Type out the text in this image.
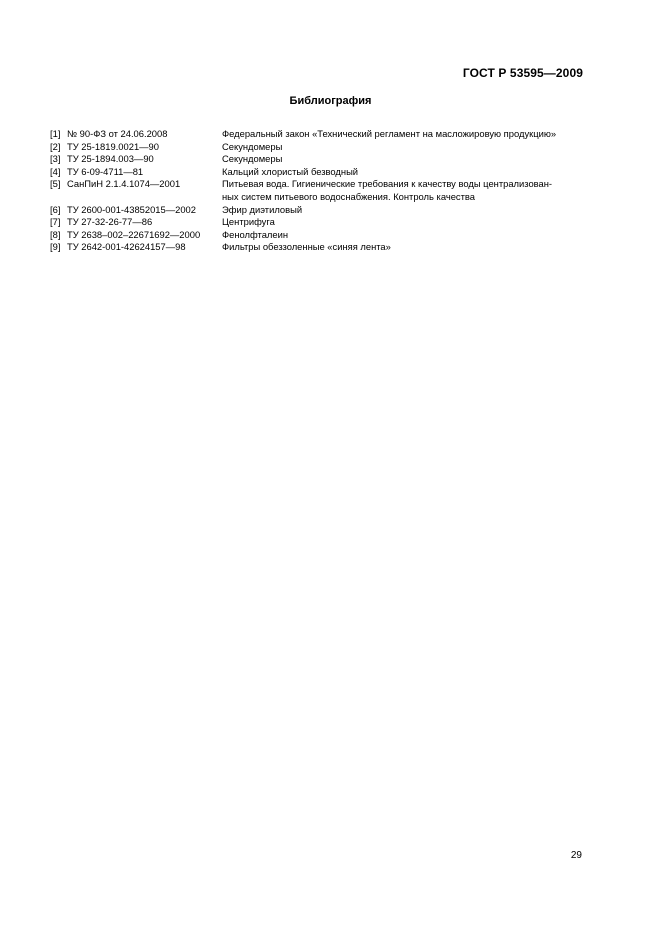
ГОСТ Р 53595—2009
Библиография
[1] № 90-ФЗ от 24.06.2008	Федеральный закон «Технический регламент на масложировую продукцию»
[2] ТУ 25-1819.0021—90	Секундомеры
[3] ТУ 25-1894.003—90	Секундомеры
[4] ТУ 6-09-4711—81	Кальций хлористый безводный
[5] СанПиН 2.1.4.1074—2001	Питьевая вода. Гигиенические требования к качеству воды централизован-
ных систем питьевого водоснабжения. Контроль качества
[6] ТУ 2600-001-43852015—2002	Эфир диэтиловый
[7] ТУ 27-32-26-77—86	Центрифуга
[8] ТУ 2638–002–22671692—2000	Фенолфталеин
[9] ТУ 2642-001-42624157—98	Фильтры обеззоленные «синяя лента»
29
